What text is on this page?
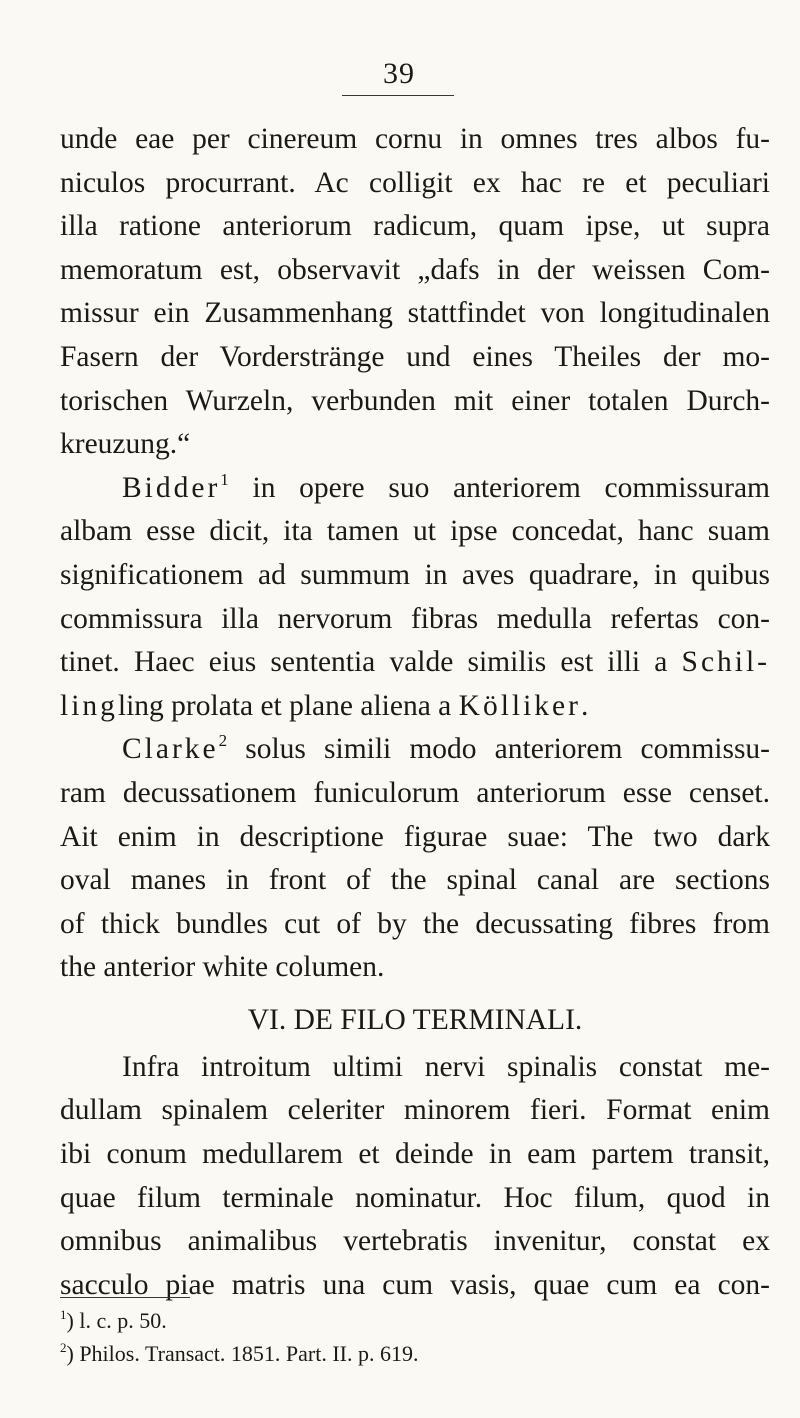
39
unde eae per cinereum cornu in omnes tres albos fu-
niculos procurrant. Ac colligit ex hac re et peculiari
illa ratione anteriorum radicum, quam ipse, ut supra
memoratum est, observavit „dafs in der weissen Com-
missur ein Zusammenhang stattfindet von longitudinalen
Fasern der Vorderstränge und eines Theiles der mo-
torischen Wurzeln, verbunden mit einer totalen Durch-
kreuzung.“
Bidder$^1$ in opere suo anteriorem commissuram
albam esse dicit, ita tamen ut ipse concedat, hanc suam
significationem ad summum in aves quadrare, in quibus
commissura illa nervorum fibras medulla refertas con-
tinet. Haec eius sententia valde similis est illi a Schil-
lingling prolata et plane aliena a Kölliker.
Clarke$^2$ solus simili modo anteriorem commissu-
ram decussationem funiculorum anteriorum esse censet.
Ait enim in descriptione figurae suae: The two dark
oval manes in front of the spinal canal are sections
of thick bundles cut of by the decussating fibres from
the anterior white columen.
VI. DE FILO TERMINALI.
Infra introitum ultimi nervi spinalis constat me-
dullam spinalem celeriter minorem fieri. Format enim
ibi conum medullarem et deinde in eam partem transit,
quae filum terminale nominatur. Hoc filum, quod in
omnibus animalibus vertebratis invenitur, constat ex
sacculo piae matris una cum vasis, quae cum ea con-
$^1$) l. c. p. 50.
$^2$) Philos. Transact. 1851. Part. II. p. 619.
